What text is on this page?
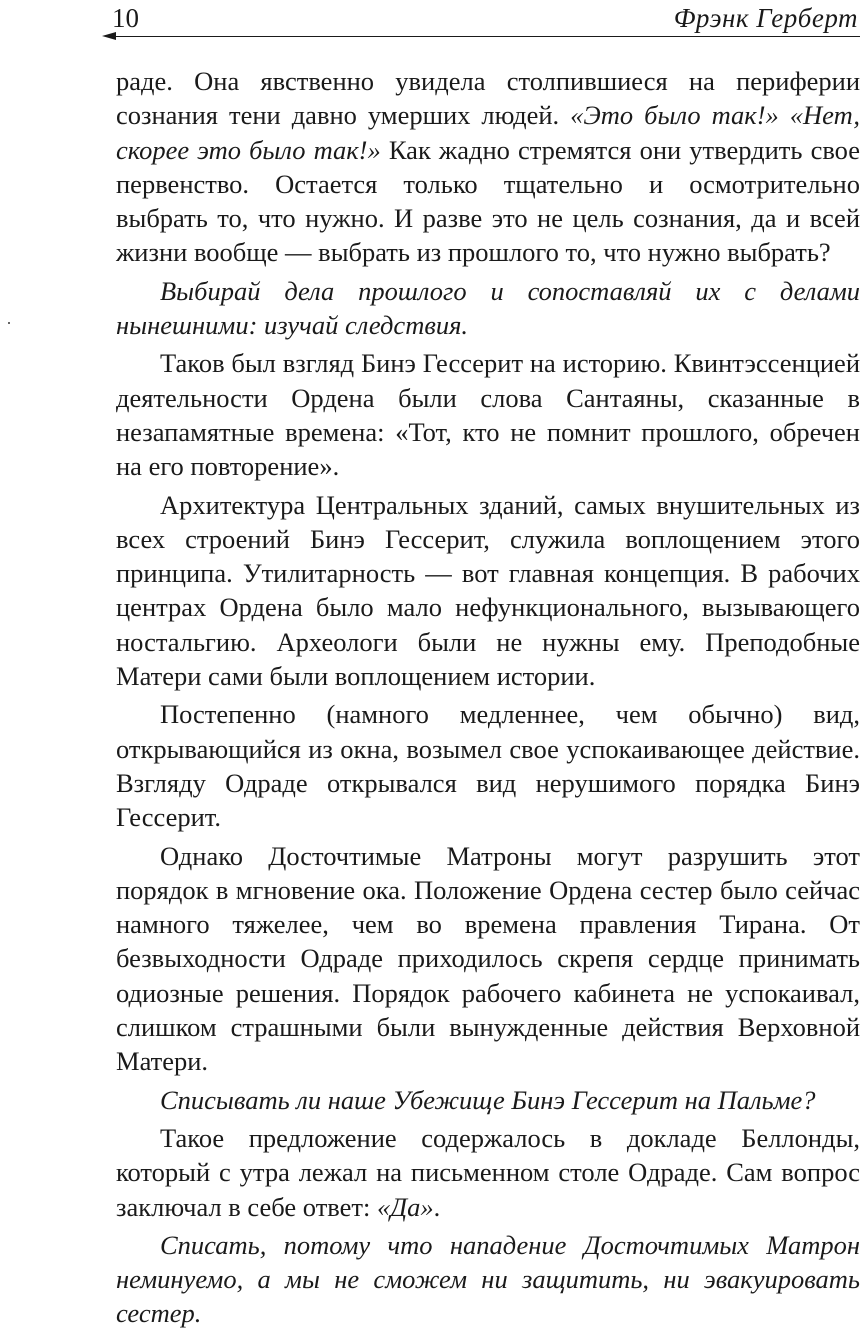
10	Фрэнк Герберт

раде. Она явственно увидела столпившиеся на периферии сознания тени давно умерших людей. «Это было так!» «Нет, скорее это было так!» Как жадно стремятся они утвердить свое первенство. Остается только тщательно и осмотрительно выбрать то, что нужно. И разве это не цель сознания, да и всей жизни вообще — выбрать из прошлого то, что нужно выбрать?

Выбирай дела прошлого и сопоставляй их с делами нынешними: изучай следствия.

Таков был взгляд Бинэ Гессерит на историю. Квинтэссенцией деятельности Ордена были слова Сантаяны, сказанные в незапамятные времена: «Тот, кто не помнит прошлого, обречен на его повторение».

Архитектура Центральных зданий, самых внушительных из всех строений Бинэ Гессерит, служила воплощением этого принципа. Утилитарность — вот главная концепция. В рабочих центрах Ордена было мало нефункционального, вызывающего ностальгию. Археологи были не нужны ему. Преподобные Матери сами были воплощением истории.

Постепенно (намного медленнее, чем обычно) вид, открывающийся из окна, возымел свое успокаивающее действие. Взгляду Одраде открывался вид нерушимого порядка Бинэ Гессерит.

Однако Досточтимые Матроны могут разрушить этот порядок в мгновение ока. Положение Ордена сестер было сейчас намного тяжелее, чем во времена правления Тирана. От безвыходности Одраде приходилось скрепя сердце принимать одиозные решения. Порядок рабочего кабинета не успокаивал, слишком страшными были вынужденные действия Верховной Матери.

Списывать ли наше Убежище Бинэ Гессерит на Пальме?

Такое предложение содержалось в докладе Беллонды, который с утра лежал на письменном столе Одраде. Сам вопрос заключал в себе ответ: «Да».

Списать, потому что нападение Досточтимых Матрон неминуемо, а мы не сможем ни защитить, ни эвакуировать сестер.
